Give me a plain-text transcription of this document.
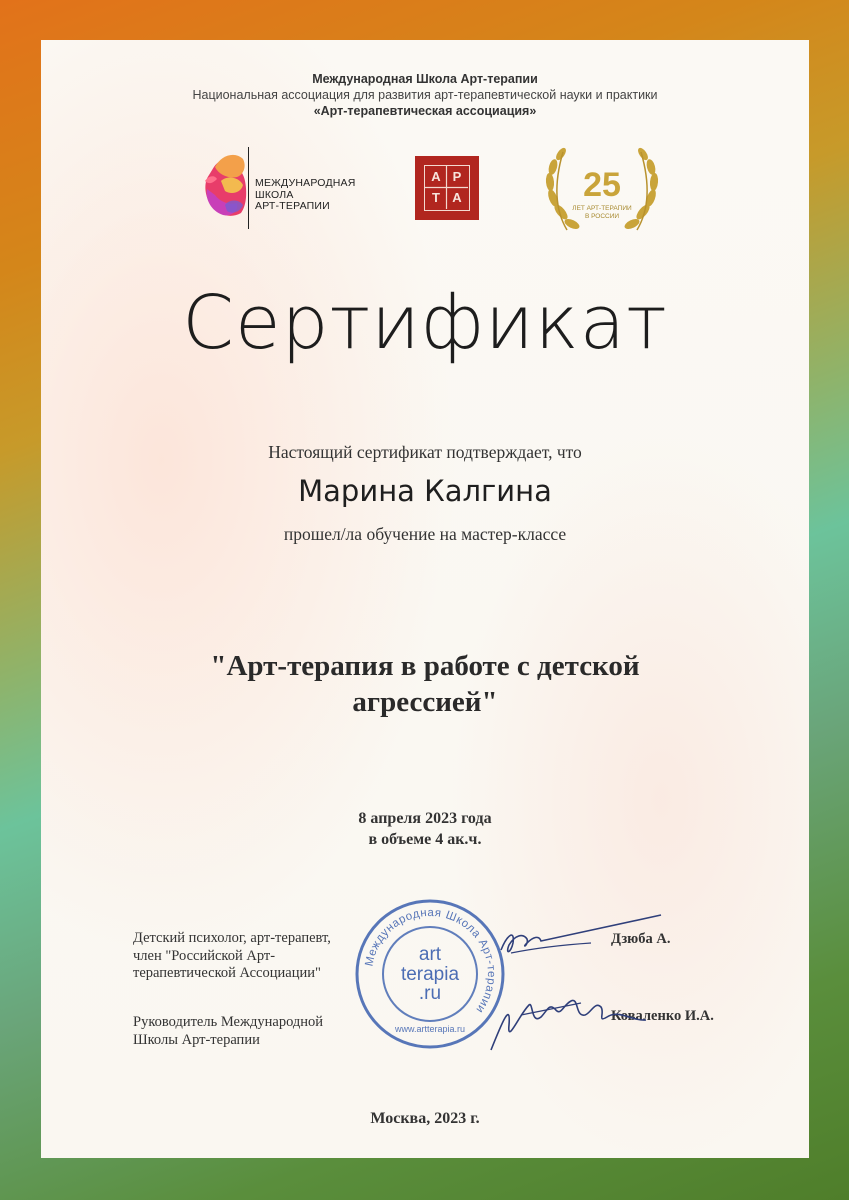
Международная Школа Арт-терапии

Национальная ассоциация для развития арт-терапевтической науки и практики

«Арт-терапевтическая ассоциация»

МЕЖДУНАРОДНАЯ
ШКОЛА
АРТ-ТЕРАПИИ
А Р
Т А	25
ЛЕТ АРТ-ТЕРАПИИ
В РОССИИ
Сертификат

Настоящий сертификат подтверждает, что

Марина Калгина

прошел/ла обучение на мастер-классе

"Арт-терапия в работе с детской
агрессией"
8 апреля 2023 года
в объеме 4 ак.ч.
Детский психолог, арт-терапевт,
член "Российской Арт-
терапевтической Ассоциации"
Руководитель Международной
Школы Арт-терапии

Дзюба А.

Коваленко И.А.

Международная Школа Арт-терапии
art
terapia
.ru
www.artterapia.ru

Москва, 2023 г.
